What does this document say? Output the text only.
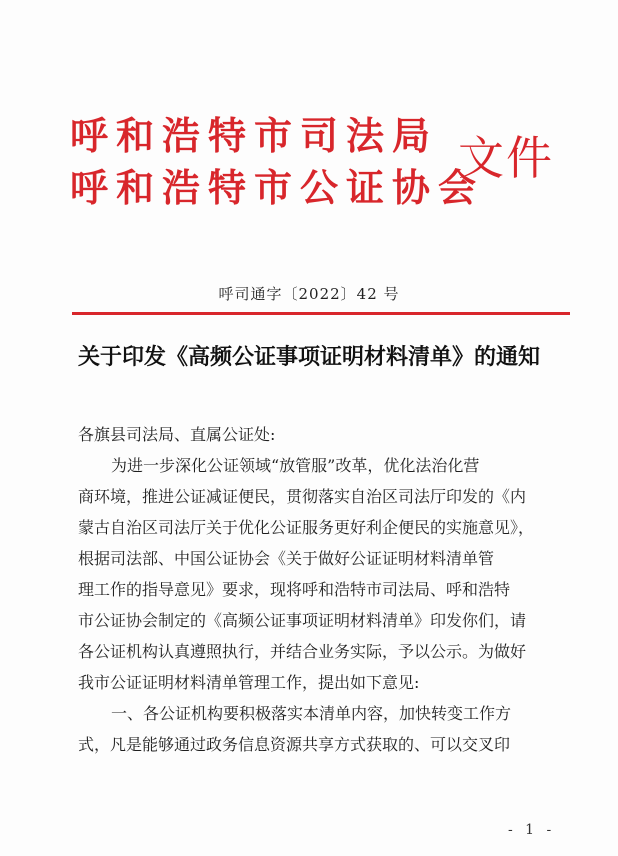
呼和浩特市司法局
呼和浩特市公证协会
文件
呼司通字〔2022〕42 号
关于印发《高频公证事项证明材料清单》的通知

各旗县司法局、直属公证处:

为进一步深化公证领域“放管服”改革，优化法治化营

商环境，推进公证减证便民，贯彻落实自治区司法厅印发的《内

蒙古自治区司法厅关于优化公证服务更好利企便民的实施意见》，

根据司法部、中国公证协会《关于做好公证证明材料清单管

理工作的指导意见》要求，现将呼和浩特市司法局、呼和浩特

市公证协会制定的《高频公证事项证明材料清单》印发你们，请

各公证机构认真遵照执行，并结合业务实际，予以公示。为做好

我市公证证明材料清单管理工作，提出如下意见:

一、各公证机构要积极落实本清单内容，加快转变工作方

式，凡是能够通过政务信息资源共享方式获取的、可以交叉印

- 1 -
